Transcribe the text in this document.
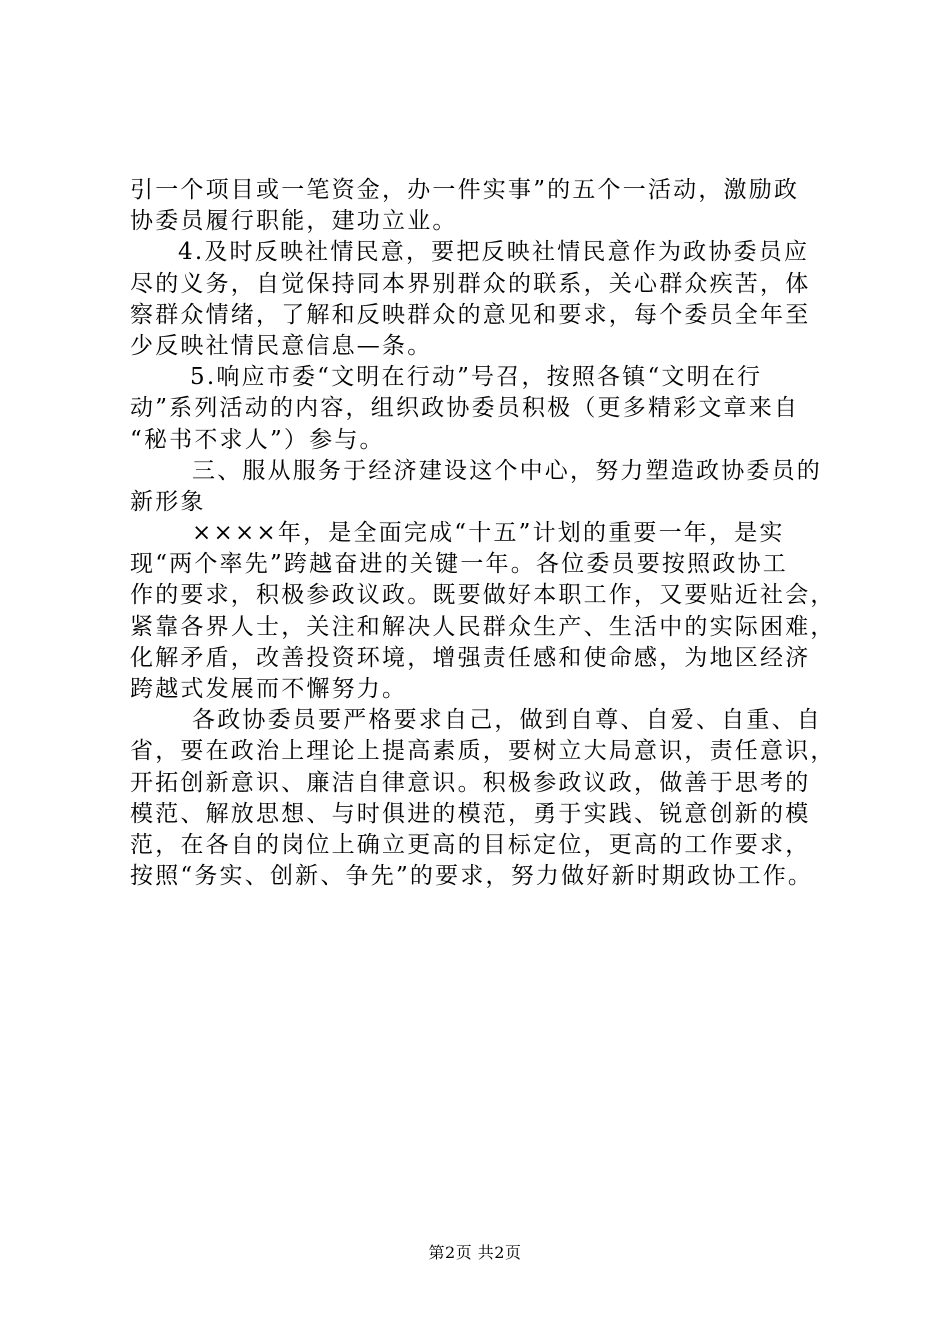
引一个项目或一笔资金，办一件实事”的五个一活动，激励政
协委员履行职能，建功立业。
4.及时反映社情民意，要把反映社情民意作为政协委员应
尽的义务，自觉保持同本界别群众的联系，关心群众疾苦，体
察群众情绪，了解和反映群众的意见和要求，每个委员全年至
少反映社情民意信息—条。
5.响应市委“文明在行动”号召，按照各镇“文明在行
动”系列活动的内容，组织政协委员积极（更多精彩文章来自
“秘书不求人”）参与。
三、服从服务于经济建设这个中心，努力塑造政协委员的
新形象
××××年，是全面完成“十五”计划的重要一年，是实
现“两个率先”跨越奋进的关键一年。各位委员要按照政协工
作的要求，积极参政议政。既要做好本职工作，又要贴近社会，
紧靠各界人士，关注和解决人民群众生产、生活中的实际困难，
化解矛盾，改善投资环境，增强责任感和使命感，为地区经济
跨越式发展而不懈努力。
各政协委员要严格要求自己，做到自尊、自爱、自重、自
省，要在政治上理论上提高素质，要树立大局意识，责任意识，
开拓创新意识、廉洁自律意识。积极参政议政，做善于思考的
模范、解放思想、与时俱进的模范，勇于实践、锐意创新的模
范，在各自的岗位上确立更高的目标定位，更高的工作要求，
按照“务实、创新、争先”的要求，努力做好新时期政协工作。
第2页 共2页
